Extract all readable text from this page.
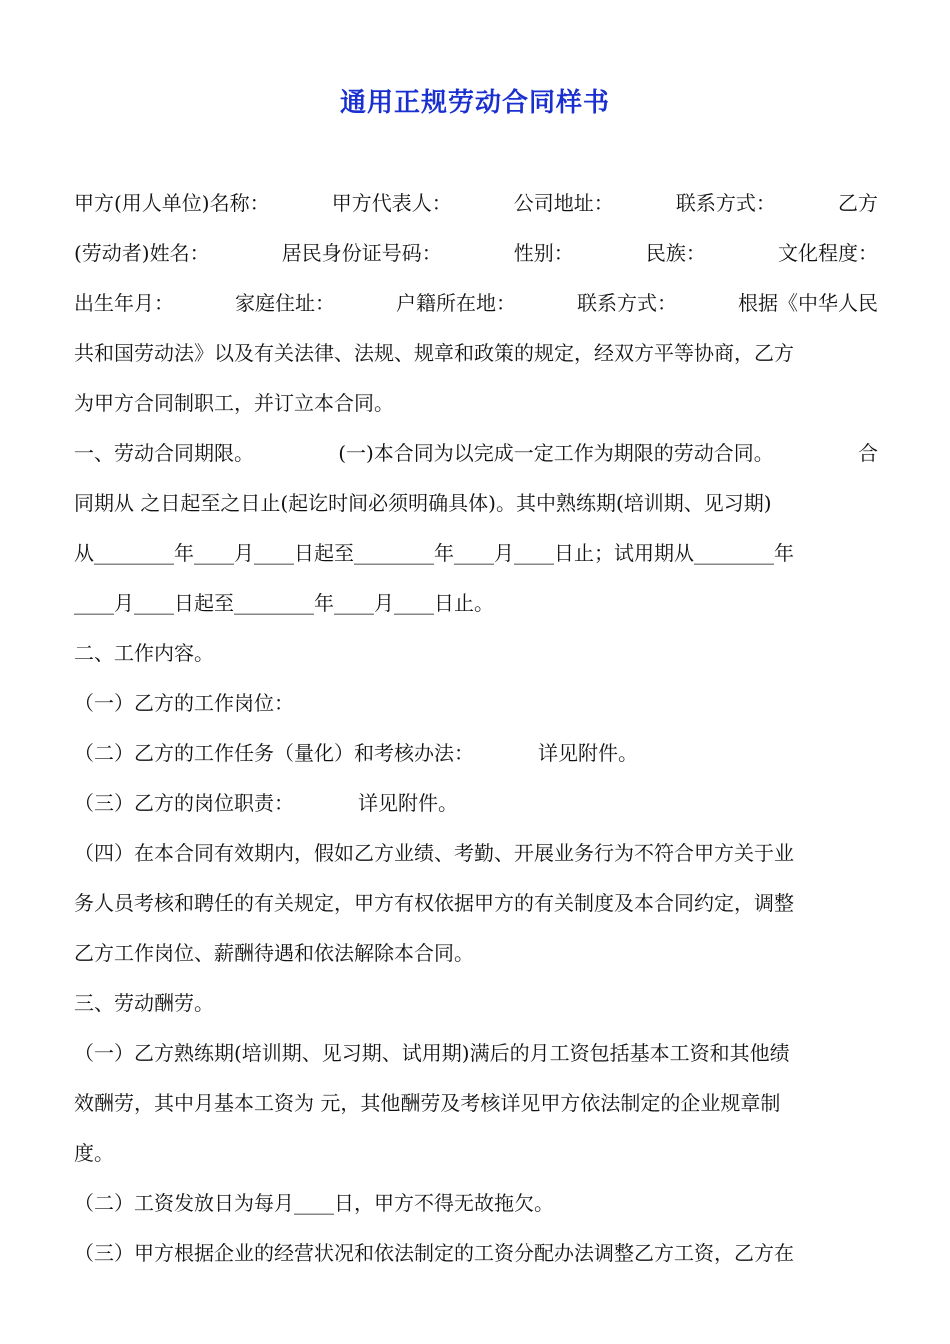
通用正规劳动合同样书
甲方(用人单位)名称：	甲方代表人：	公司地址：	联系方式：	乙方
(劳动者)姓名：	居民身份证号码：	性别：	民族：	文化程度：
出生年月：	家庭住址：	户籍所在地：	联系方式：	根据《中华人民
共和国劳动法》以及有关法律、法规、规章和政策的规定，经双方平等协商，乙方
为甲方合同制职工，并订立本合同。
一、劳动合同期限。	(一)本合同为以完成一定工作为期限的劳动合同。	合
同期从 之日起至之日止(起讫时间必须明确具体)。其中熟练期(培训期、见习期)
从________年____月____日起至________年____月____日止；试用期从________年
____月____日起至________年____月____日止。
二、工作内容。
（一）乙方的工作岗位：
（二）乙方的工作任务（量化）和考核办法：	详见附件。
（三）乙方的岗位职责：	详见附件。
（四）在本合同有效期内，假如乙方业绩、考勤、开展业务行为不符合甲方关于业
务人员考核和聘任的有关规定，甲方有权依据甲方的有关制度及本合同约定，调整
乙方工作岗位、薪酬待遇和依法解除本合同。
三、劳动酬劳。
（一）乙方熟练期(培训期、见习期、试用期)满后的月工资包括基本工资和其他绩
效酬劳，其中月基本工资为 元，其他酬劳及考核详见甲方依法制定的企业规章制
度。
（二）工资发放日为每月____日，甲方不得无故拖欠。
（三）甲方根据企业的经营状况和依法制定的工资分配办法调整乙方工资，乙方在
